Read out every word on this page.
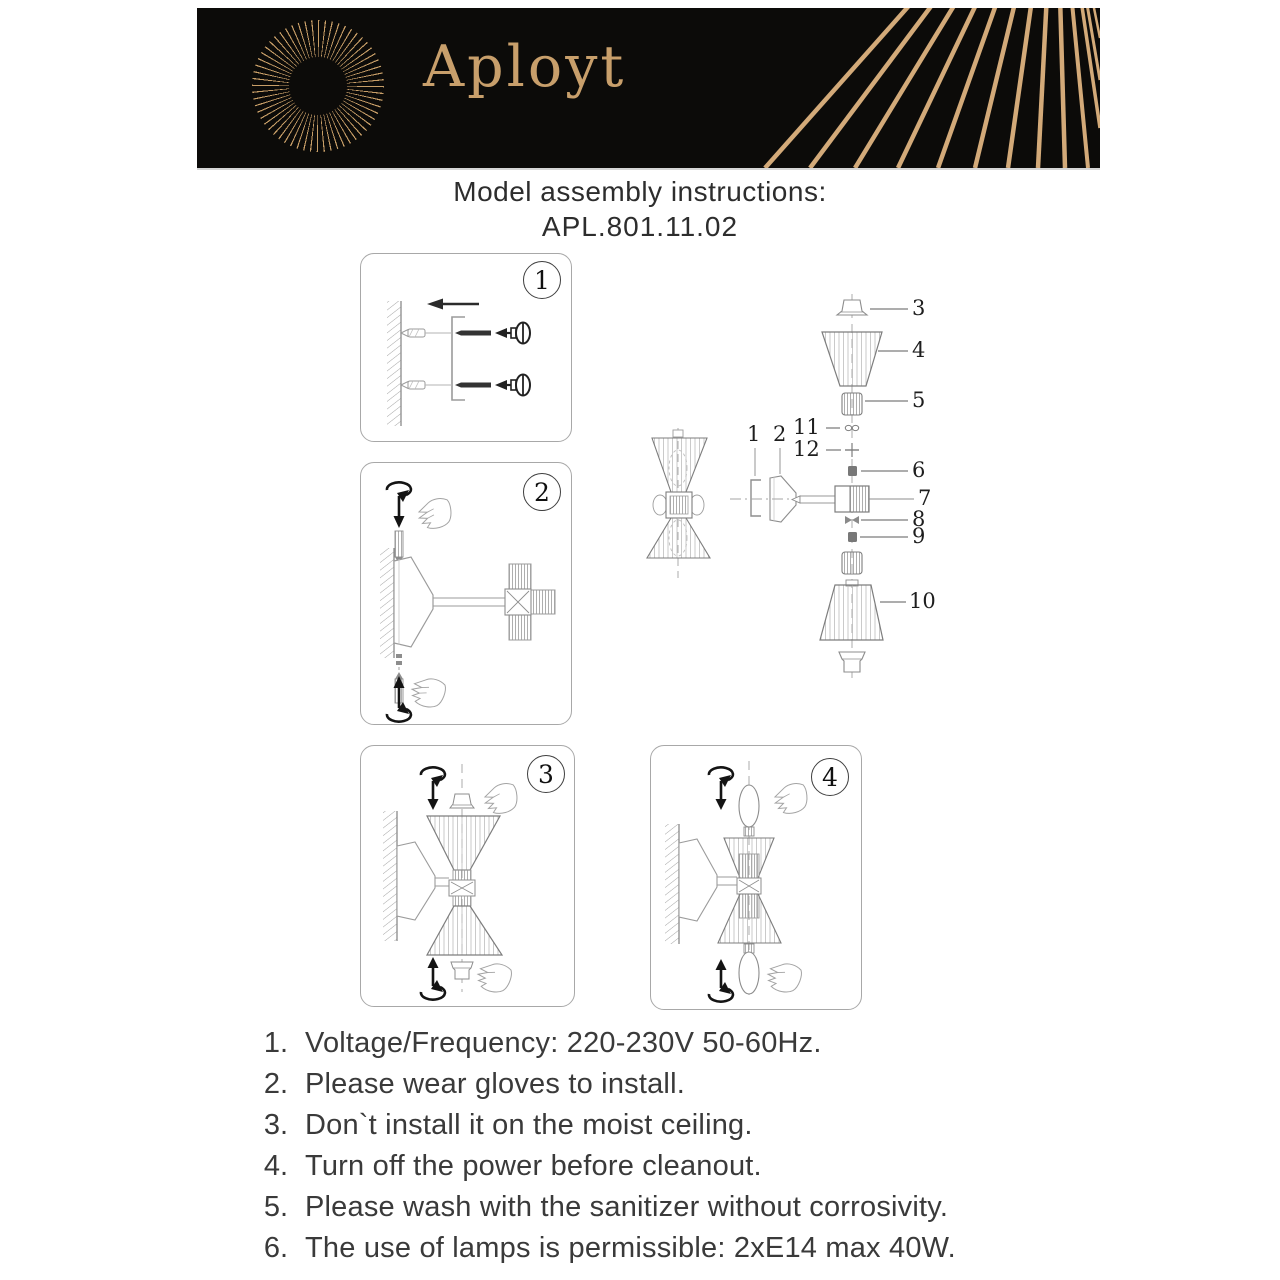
Aployt
Model assembly instructions:
APL.801.11.02
1
2
1 2
3
4
5
6
7
8
9
10
11
12
3	4
1. Voltage/Frequency: 220-230V 50-60Hz.
2. Please wear gloves to install.
3. Don`t install it on the moist ceiling.
4. Turn off the power before cleanout.
5. Please wash with the sanitizer without corrosivity.
6. The use of lamps is permissible: 2xE14 max 40W.
